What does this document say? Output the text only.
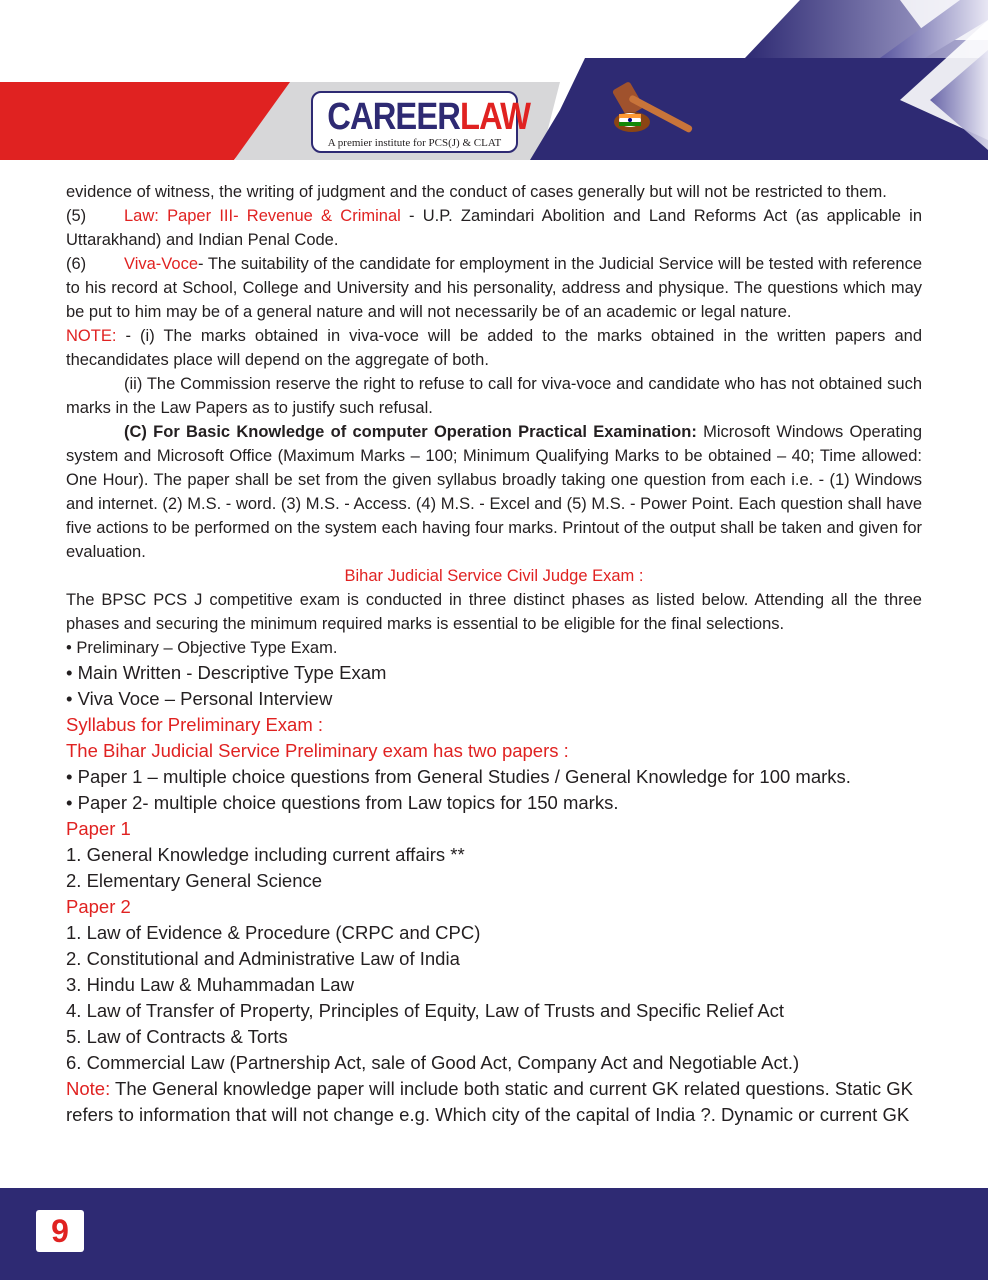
CAREERLAW
A premier institute for PCS(J) & CLAT

evidence of witness, the writing of judgment and the conduct of cases generally but will not be restricted to them.

(5) Law: Paper III- Revenue & Criminal - U.P. Zamindari Abolition and Land Reforms Act (as applicable in Uttarakhand) and Indian Penal Code.

(6) Viva-Voce- The suitability of the candidate for employment in the Judicial Service will be tested with reference to his record at School, College and University and his personality, address and physique. The questions which may be put to him may be of a general nature and will not necessarily be of an academic or legal nature.

NOTE: - (i) The marks obtained in viva-voce will be added to the marks obtained in the written papers and thecandidates place will depend on the aggregate of both.

(ii) The Commission reserve the right to refuse to call for viva-voce and candidate who has not obtained such marks in the Law Papers as to justify such refusal.

(C) For Basic Knowledge of computer Operation Practical Examination: Microsoft Windows Operating system and Microsoft Office (Maximum Marks – 100; Minimum Qualifying Marks to be obtained – 40; Time allowed: One Hour). The paper shall be set from the given syllabus broadly taking one question from each i.e. - (1) Windows and internet. (2) M.S. - word. (3) M.S. - Access. (4) M.S. - Excel and (5) M.S. - Power Point. Each question shall have five actions to be performed on the system each having four marks. Printout of the output shall be taken and given for evaluation.

Bihar Judicial Service Civil Judge Exam :

The BPSC PCS J competitive exam is conducted in three distinct phases as listed below. Attending all the three phases and securing the minimum required marks is essential to be eligible for the final selections.

• Preliminary – Objective Type Exam.

• Main Written - Descriptive Type Exam

• Viva Voce – Personal Interview

Syllabus for Preliminary Exam :

The Bihar Judicial Service Preliminary exam has two papers :

• Paper 1 – multiple choice questions from General Studies / General Knowledge for 100 marks.

• Paper 2- multiple choice questions from Law topics for 150 marks.

Paper 1

1. General Knowledge including current affairs **

2. Elementary General Science

Paper 2

1. Law of Evidence & Procedure (CRPC and CPC)

2. Constitutional and Administrative Law of India

3. Hindu Law & Muhammadan Law

4. Law of Transfer of Property, Principles of Equity, Law of Trusts and Specific Relief Act

5. Law of Contracts & Torts

6. Commercial Law (Partnership Act, sale of Good Act, Company Act and Negotiable Act.)

Note: The General knowledge paper will include both static and current GK related questions. Static GK refers to information that will not change e.g. Which city of the capital of India ?. Dynamic or current GK

9
